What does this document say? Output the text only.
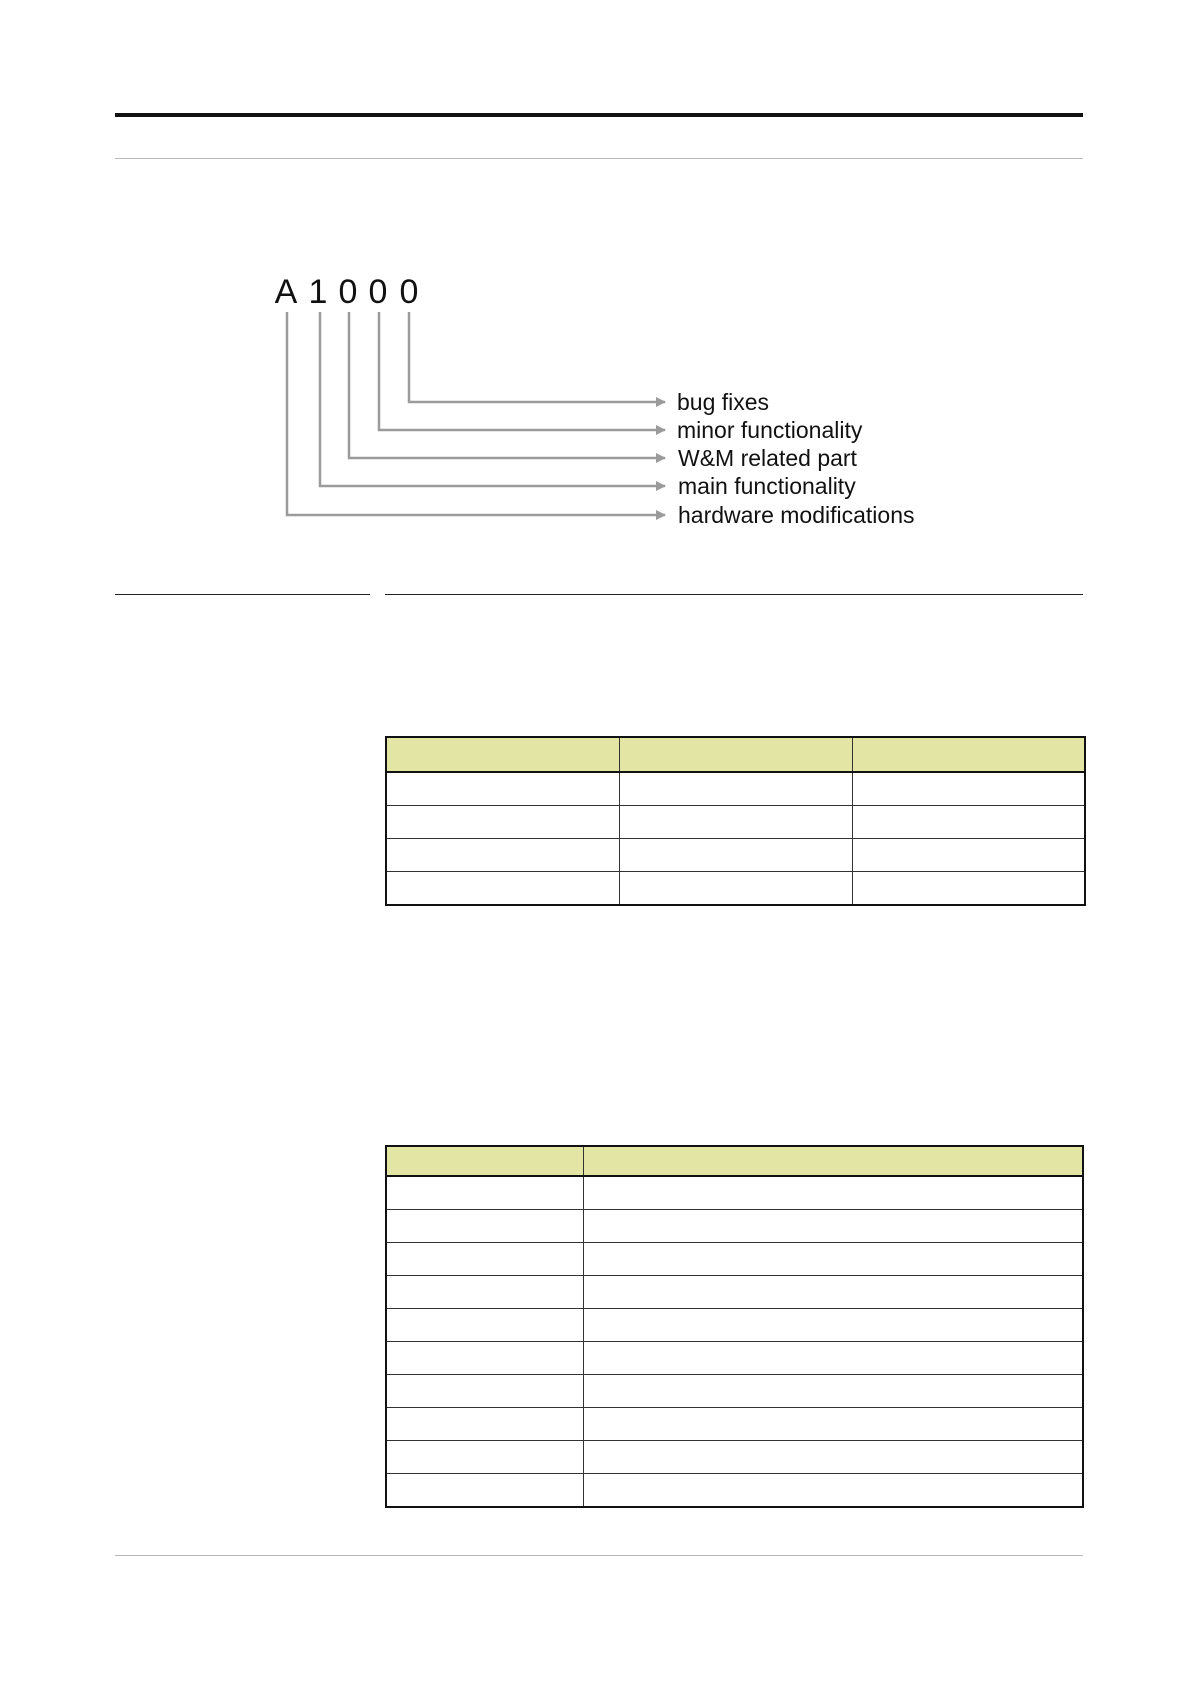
A 1 0 0 0
bug fixes
minor functionality
W&M related part
main functionality
hardware modifications
